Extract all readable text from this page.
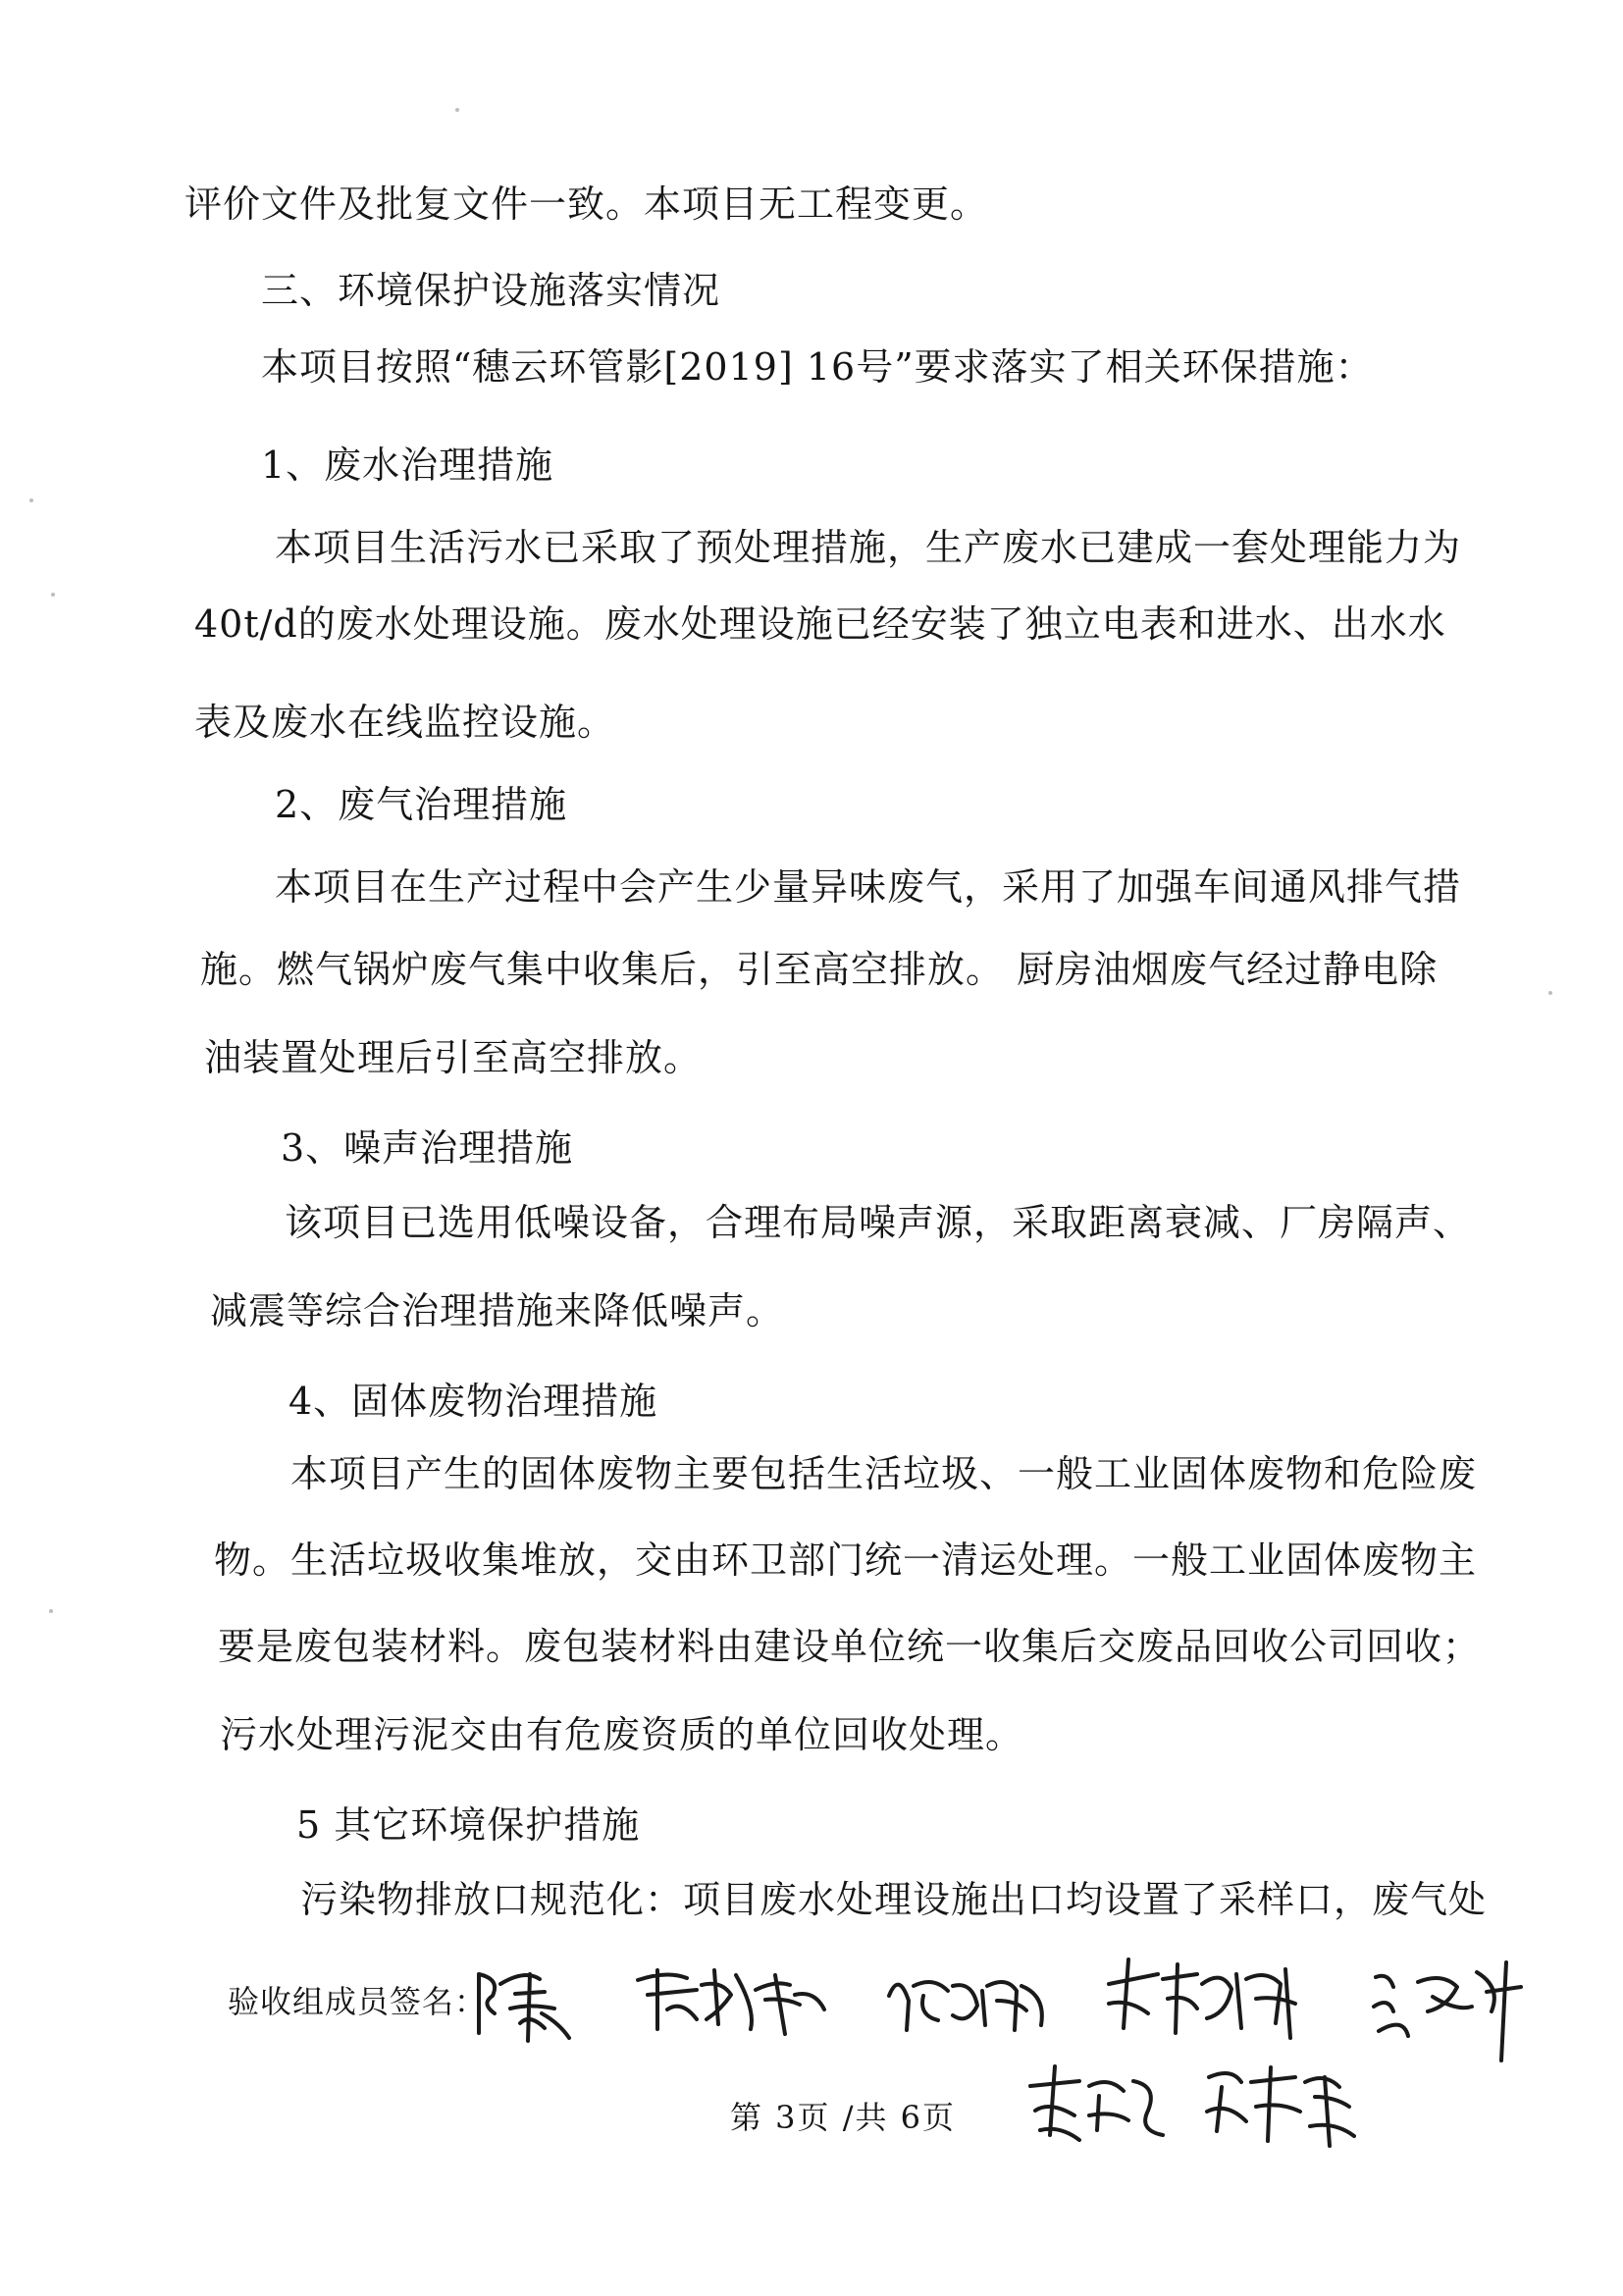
评价文件及批复文件一致。本项目无工程变更。
三、环境保护设施落实情况
本项目按照“穗云环管影[2019] 16号”要求落实了相关环保措施：
1、废水治理措施
本项目生活污水已采取了预处理措施，生产废水已建成一套处理能力为
40t/d的废水处理设施。废水处理设施已经安装了独立电表和进水、出水水
表及废水在线监控设施。
2、废气治理措施
本项目在生产过程中会产生少量异味废气，采用了加强车间通风排气措
施。燃气锅炉废气集中收集后，引至高空排放。 厨房油烟废气经过静电除
油装置处理后引至高空排放。
3、噪声治理措施
该项目已选用低噪设备，合理布局噪声源，采取距离衰减、厂房隔声、
减震等综合治理措施来降低噪声。
4、固体废物治理措施
本项目产生的固体废物主要包括生活垃圾、一般工业固体废物和危险废
物。生活垃圾收集堆放，交由环卫部门统一清运处理。一般工业固体废物主
要是废包装材料。废包装材料由建设单位统一收集后交废品回收公司回收；
污水处理污泥交由有危废资质的单位回收处理。
5 其它环境保护措施
污染物排放口规范化：项目废水处理设施出口均设置了采样口，废气处
验收组成员签名：
第 3页 /共 6页
